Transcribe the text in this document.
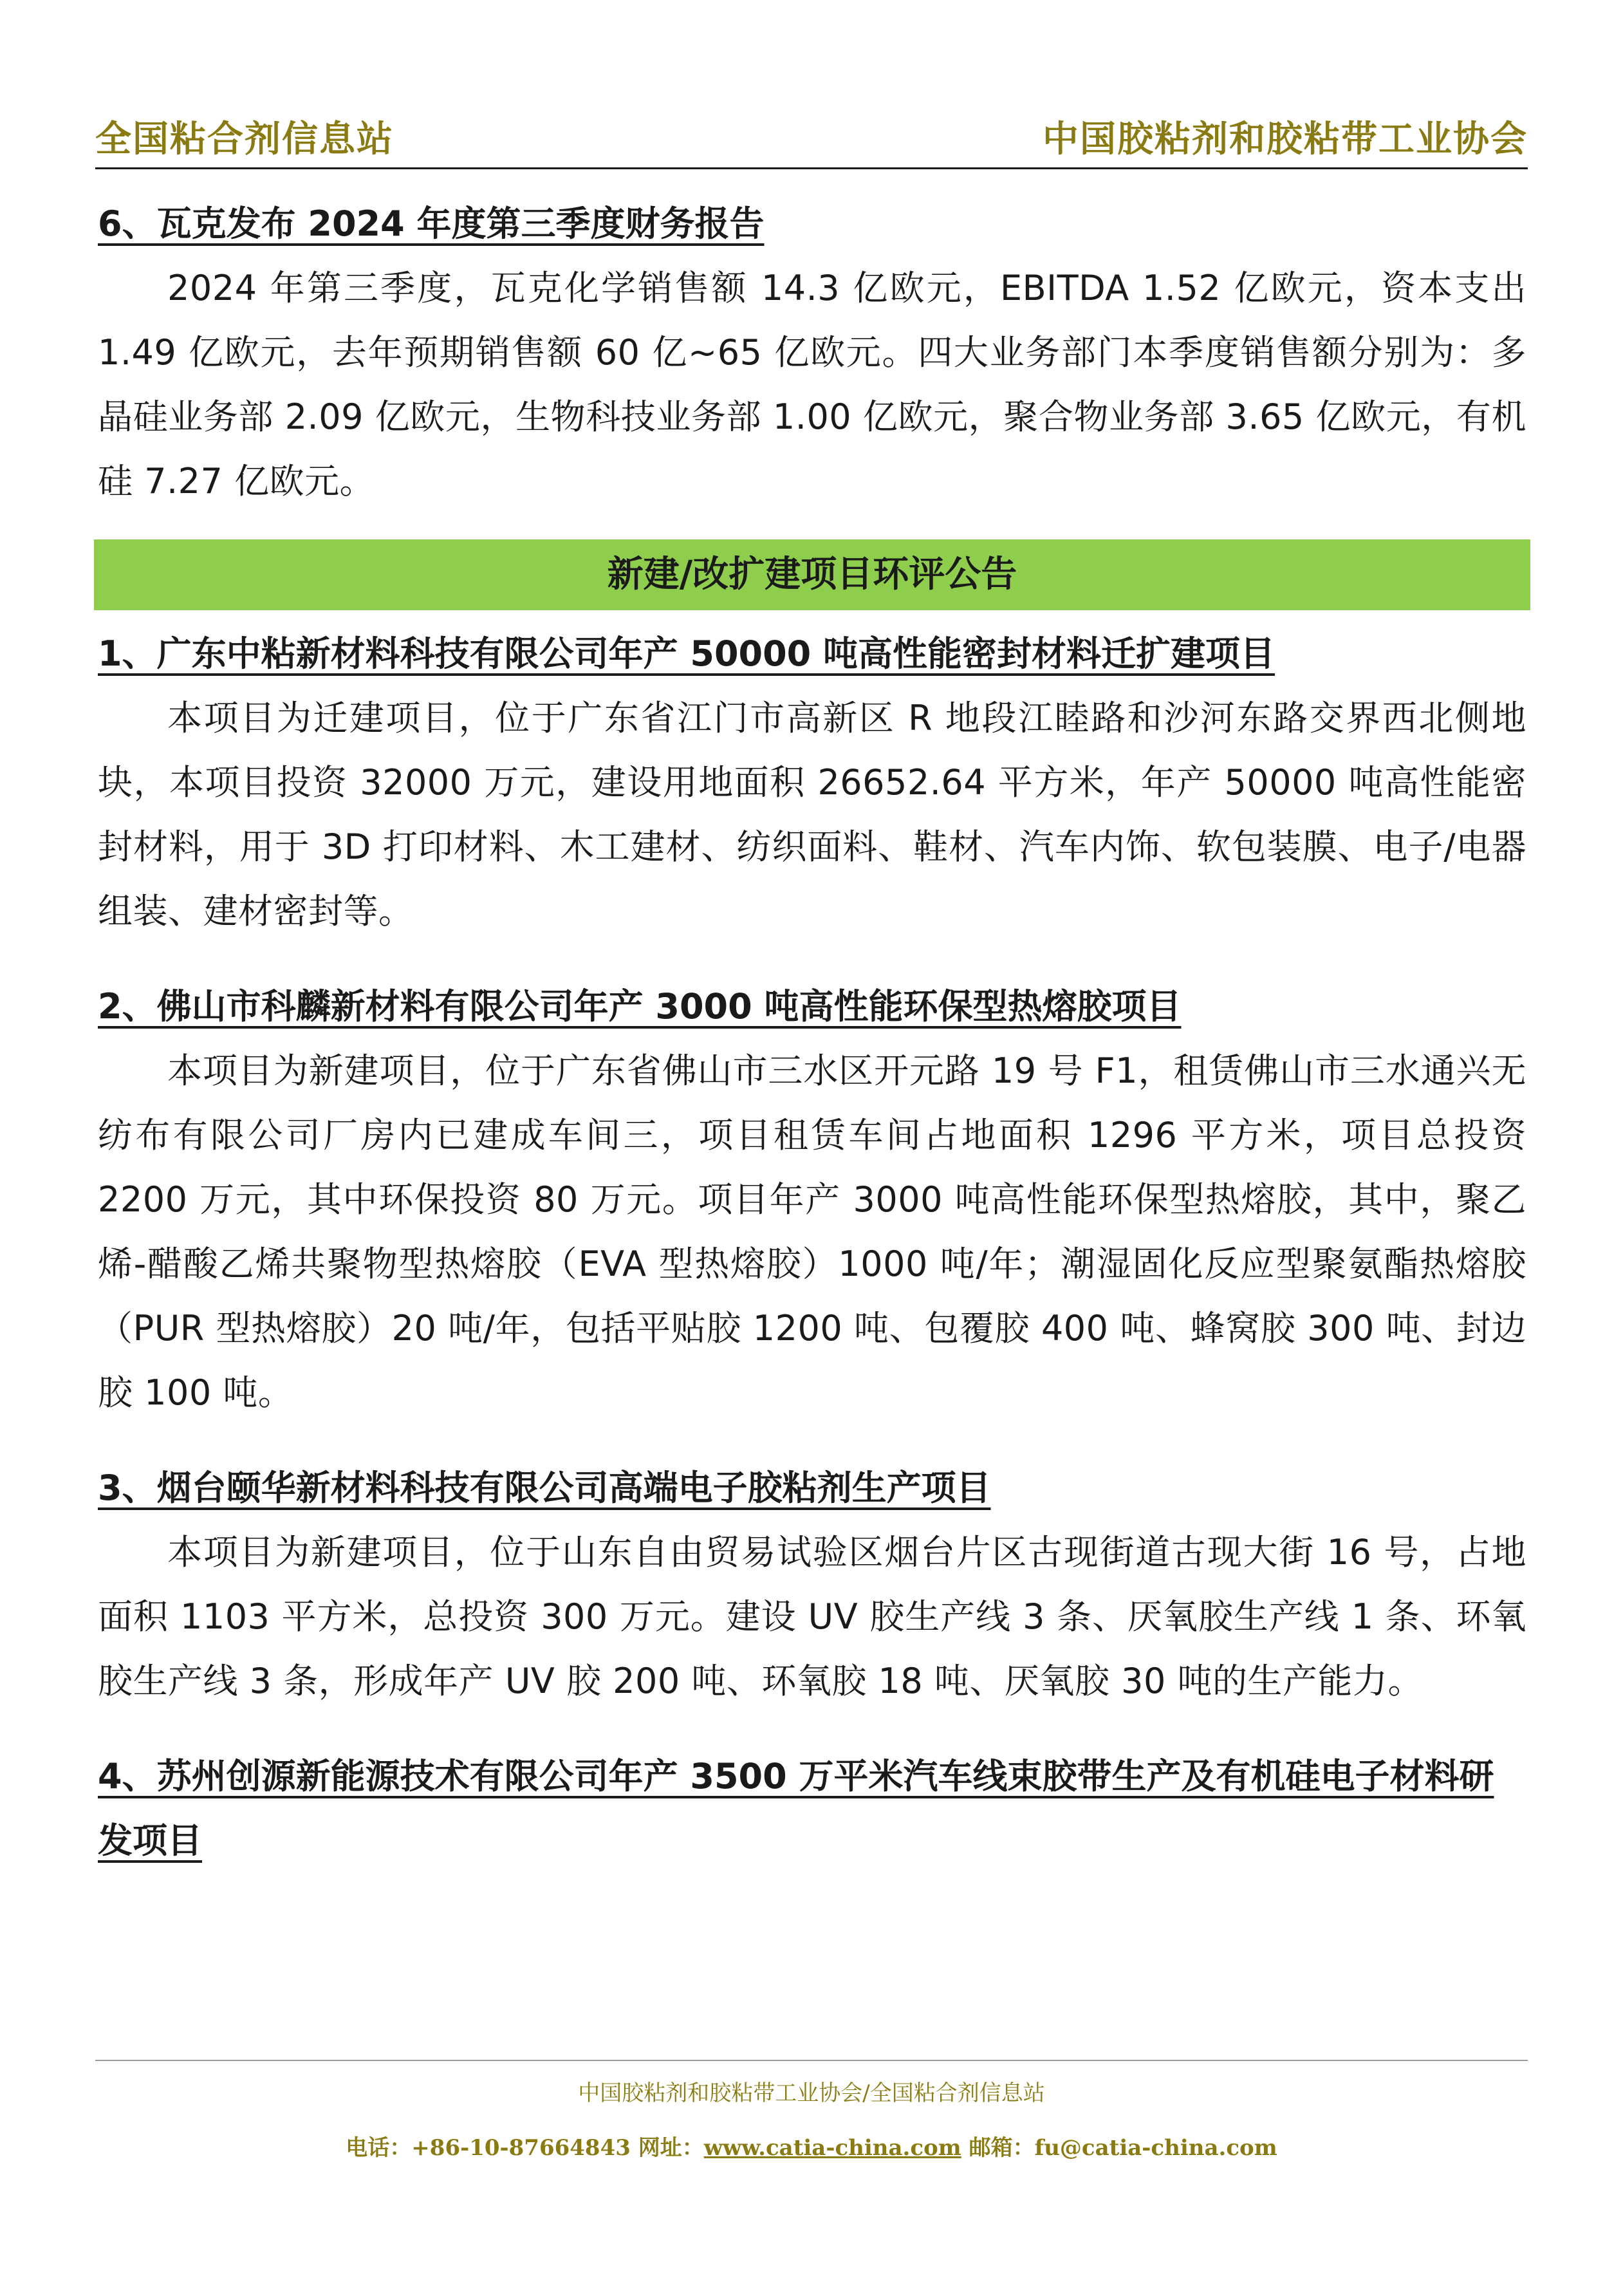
全国粘合剂信息站	中国胶粘剂和胶粘带工业协会
6、瓦克发布 2024 年度第三季度财务报告

2024 年第三季度，瓦克化学销售额 14.3 亿欧元，EBITDA 1.52 亿欧元，资本支出 1.49 亿欧元，去年预期销售额 60 亿~65 亿欧元。四大业务部门本季度销售额分别为：多晶硅业务部 2.09 亿欧元，生物科技业务部 1.00 亿欧元，聚合物业务部 3.65 亿欧元，有机硅 7.27 亿欧元。

新建/改扩建项目环评公告
1、广东中粘新材料科技有限公司年产 50000 吨高性能密封材料迁扩建项目

本项目为迁建项目，位于广东省江门市高新区 R 地段江睦路和沙河东路交界西北侧地块，本项目投资 32000 万元，建设用地面积 26652.64 平方米，年产 50000 吨高性能密封材料，用于 3D 打印材料、木工建材、纺织面料、鞋材、汽车内饰、软包装膜、电子/电器组装、建材密封等。

2、佛山市科麟新材料有限公司年产 3000 吨高性能环保型热熔胶项目

本项目为新建项目，位于广东省佛山市三水区开元路 19 号 F1，租赁佛山市三水通兴无纺布有限公司厂房内已建成车间三，项目租赁车间占地面积 1296 平方米，项目总投资 2200 万元，其中环保投资 80 万元。项目年产 3000 吨高性能环保型热熔胶，其中，聚乙烯-醋酸乙烯共聚物型热熔胶（EVA 型热熔胶）1000 吨/年；潮湿固化反应型聚氨酯热熔胶（PUR 型热熔胶）20 吨/年，包括平贴胶 1200 吨、包覆胶 400 吨、蜂窝胶 300 吨、封边胶 100 吨。

3、烟台颐华新材料科技有限公司高端电子胶粘剂生产项目

本项目为新建项目，位于山东自由贸易试验区烟台片区古现街道古现大街 16 号，占地面积 1103 平方米，总投资 300 万元。建设 UV 胶生产线 3 条、厌氧胶生产线 1 条、环氧胶生产线 3 条，形成年产 UV 胶 200 吨、环氧胶 18 吨、厌氧胶 30 吨的生产能力。

4、苏州创源新能源技术有限公司年产 3500 万平米汽车线束胶带生产及有机硅电子材料研发项目
中国胶粘剂和胶粘带工业协会/全国粘合剂信息站
电话：+86-10-87664843 网址：www.catia-china.com 邮箱：fu@catia-china.com
